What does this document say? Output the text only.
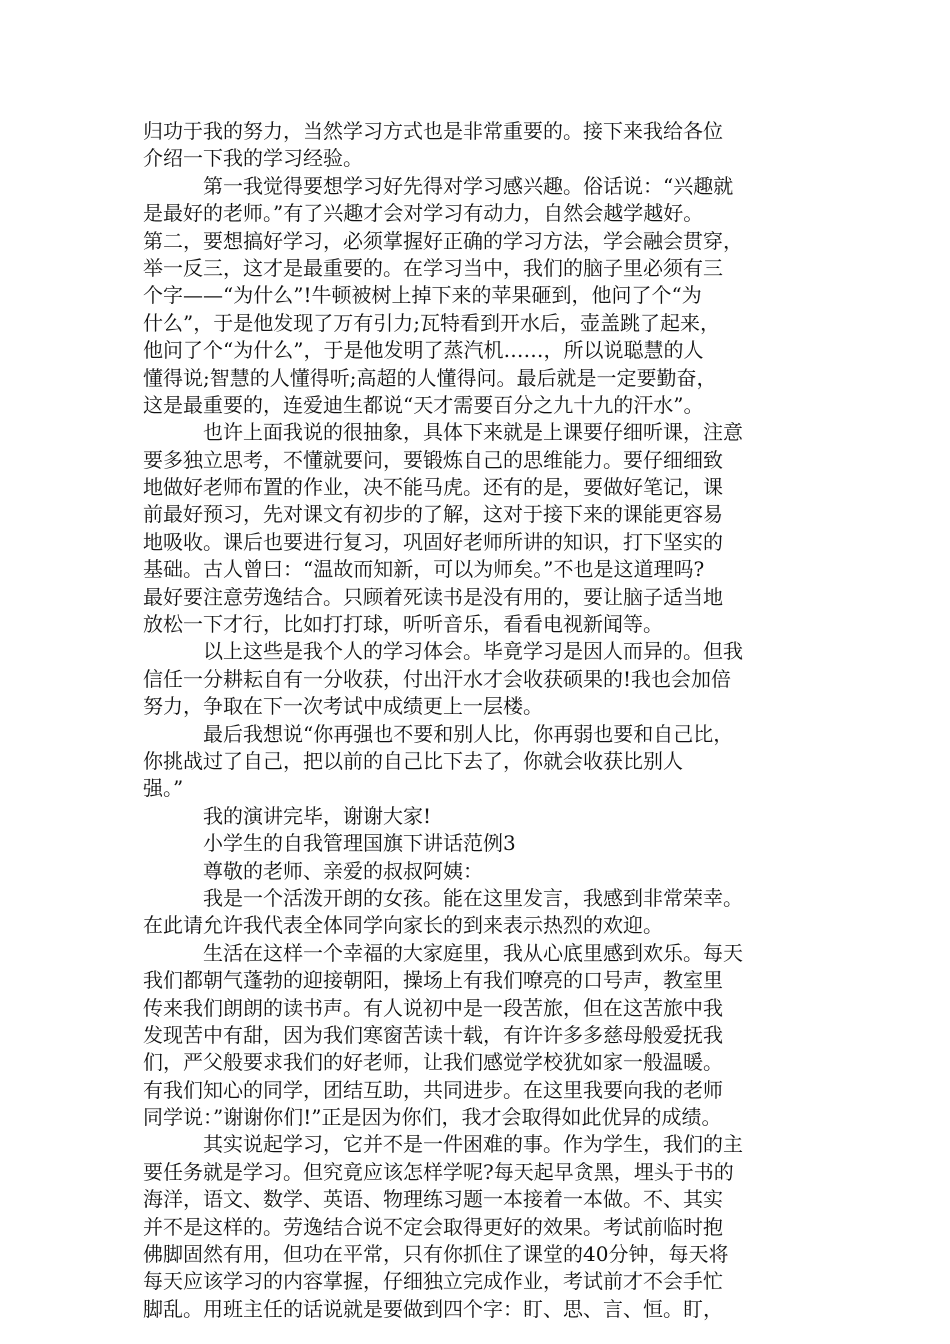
归功于我的努力，当然学习方式也是非常重要的。接下来我给各位
介绍一下我的学习经验。
第一我觉得要想学习好先得对学习感兴趣。俗话说：“兴趣就
是最好的老师。”有了兴趣才会对学习有动力，自然会越学越好。
第二，要想搞好学习，必须掌握好正确的学习方法，学会融会贯穿，
举一反三，这才是最重要的。在学习当中，我们的脑子里必须有三
个字——“为什么”!牛顿被树上掉下来的苹果砸到，他问了个“为
什么”，于是他发现了万有引力;瓦特看到开水后，壶盖跳了起来，
他问了个“为什么”，于是他发明了蒸汽机……，所以说聪慧的人
懂得说;智慧的人懂得听;高超的人懂得问。最后就是一定要勤奋，
这是最重要的，连爱迪生都说“天才需要百分之九十九的汗水”。
也许上面我说的很抽象，具体下来就是上课要仔细听课，注意
要多独立思考，不懂就要问，要锻炼自己的思维能力。要仔细细致
地做好老师布置的作业，决不能马虎。还有的是，要做好笔记，课
前最好预习，先对课文有初步的了解，这对于接下来的课能更容易
地吸收。课后也要进行复习，巩固好老师所讲的知识，打下坚实的
基础。古人曾曰：“温故而知新，可以为师矣。”不也是这道理吗?
最好要注意劳逸结合。只顾着死读书是没有用的，要让脑子适当地
放松一下才行，比如打打球，听听音乐，看看电视新闻等。
以上这些是我个人的学习体会。毕竟学习是因人而异的。但我
信任一分耕耘自有一分收获，付出汗水才会收获硕果的!我也会加倍
努力，争取在下一次考试中成绩更上一层楼。
最后我想说“你再强也不要和别人比，你再弱也要和自己比，
你挑战过了自己，把以前的自己比下去了，你就会收获比别人
强。”
我的演讲完毕，谢谢大家!
小学生的自我管理国旗下讲话范例3
尊敬的老师、亲爱的叔叔阿姨：
我是一个活泼开朗的女孩。能在这里发言，我感到非常荣幸。
在此请允许我代表全体同学向家长的到来表示热烈的欢迎。
生活在这样一个幸福的大家庭里，我从心底里感到欢乐。每天
我们都朝气蓬勃的迎接朝阳，操场上有我们嘹亮的口号声，教室里
传来我们朗朗的读书声。有人说初中是一段苦旅，但在这苦旅中我
发现苦中有甜，因为我们寒窗苦读十载，有许许多多慈母般爱抚我
们，严父般要求我们的好老师，让我们感觉学校犹如家一般温暖。
有我们知心的同学，团结互助，共同进步。在这里我要向我的老师
同学说：”谢谢你们!”正是因为你们，我才会取得如此优异的成绩。
其实说起学习，它并不是一件困难的事。作为学生，我们的主
要任务就是学习。但究竟应该怎样学呢?每天起早贪黑，埋头于书的
海洋，语文、数学、英语、物理练习题一本接着一本做。不、其实
并不是这样的。劳逸结合说不定会取得更好的效果。考试前临时抱
佛脚固然有用，但功在平常，只有你抓住了课堂的40分钟，每天将
每天应该学习的内容掌握，仔细独立完成作业，考试前才不会手忙
脚乱。用班主任的话说就是要做到四个字：盯、思、言、恒。盯，
